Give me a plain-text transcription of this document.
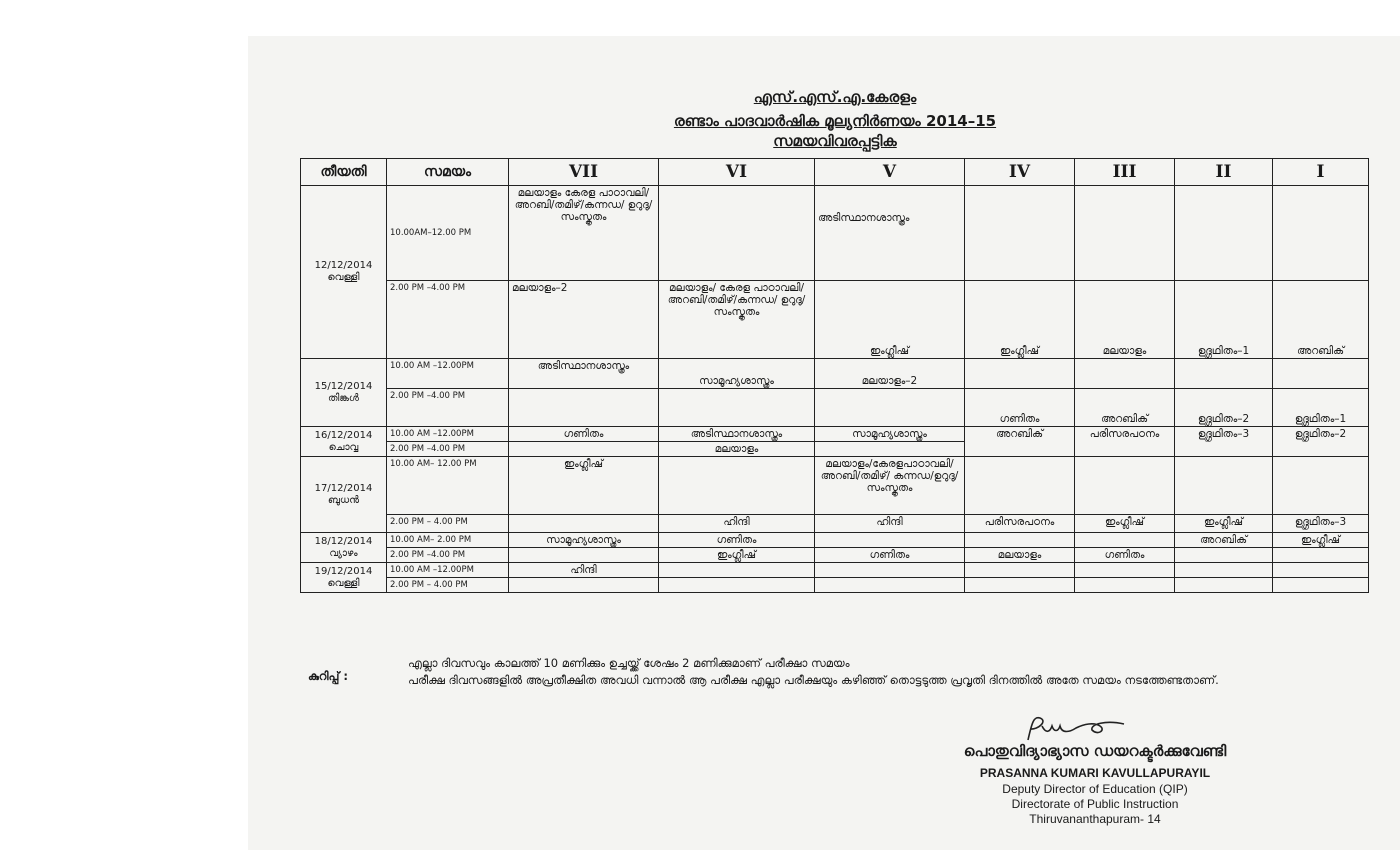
എസ്.എസ്.എ.കേരളം
രണ്ടാം പാദവാർഷിക മൂല്യനിർണയം 2014–15
സമയവിവരപ്പട്ടിക
തീയതി	സമയം	VII	VI	V	IV	III	II	I

12/12/2014
വെള്ളി	10.00AM–12.00 PM	മലയാളം കേരള പാഠാവലി/ അറബി/തമിഴ്/കന്നഡ/ ഉറുദു/ സംസ്കൃതം		അടിസ്ഥാനശാസ്ത്രം				
	2.00 PM –4.00 PM	മലയാളം–2	മലയാളം/ കേരള പാഠാവലി/ അറബി/തമിഴ്/കന്നഡ/ ഉറുദു/ സംസ്കൃതം	ഇംഗ്ലീഷ്	ഇംഗ്ലീഷ്	മലയാളം	ഉദ്ഗ്രഥിതം–1	അറബിക്

15/12/2014
തിങ്കൾ	10.00 AM –12.00PM	അടിസ്ഥാനശാസ്ത്രം	സാമൂഹ്യശാസ്ത്രം	മലയാളം–2				
	2.00 PM –4.00 PM				ഗണിതം	അറബിക്	ഉദ്ഗ്രഥിതം–2	ഉദ്ഗ്രഥിതം–1

16/12/2014
ചൊവ്വ	10.00 AM –12.00PM	ഗണിതം	അടിസ്ഥാനശാസ്ത്രം	സാമൂഹ്യശാസ്ത്രം	അറബിക്	പരിസരപഠനം	ഉദ്ഗ്രഥിതം–3	ഉദ്ഗ്രഥിതം–2
	2.00 PM –4.00 PM		മലയാളം					

17/12/2014
ബുധൻ	10.00 AM– 12.00 PM	ഇംഗ്ലീഷ്		മലയാളം/കേരളപാഠാവലി/അറബി/തമിഴ്/ കന്നഡ/ഉറുദു/ സംസ്കൃതം				
	2.00 PM – 4.00 PM		ഹിന്ദി	ഹിന്ദി	പരിസരപഠനം	ഇംഗ്ലീഷ്	ഇംഗ്ലീഷ്	ഉദ്ഗ്രഥിതം–3

18/12/2014
വ്യാഴം	10.00 AM– 2.00 PM	സാമൂഹ്യശാസ്ത്രം	ഗണിതം				അറബിക്	ഇംഗ്ലീഷ്
	2.00 PM –4.00 PM		ഇംഗ്ലീഷ്	ഗണിതം	മലയാളം	ഗണിതം		

19/12/2014
വെള്ളി	10.00 AM –12.00PM	ഹിന്ദി						
	2.00 PM – 4.00 PM							
കുറിപ്പ് :
എല്ലാ ദിവസവും കാലത്ത് 10 മണിക്കും ഉച്ചയ്ക്ക് ശേഷം 2 മണിക്കുമാണ് പരീക്ഷാ സമയം
പരീക്ഷ ദിവസങ്ങളിൽ അപ്രതീക്ഷിത അവധി വന്നാൽ ആ പരീക്ഷ എല്ലാ പരീക്ഷയും കഴിഞ്ഞ് തൊട്ടടുത്ത പ്രവൃതി ദിനത്തിൽ അതേ സമയം നടത്തേണ്ടതാണ്.
പൊതുവിദ്യാഭ്യാസ ഡയറക്ടർക്കുവേണ്ടി
PRASANNA KUMARI KAVULLAPURAYIL
Deputy Director of Education (QIP)
Directorate of Public Instruction
Thiruvananthapuram- 14
